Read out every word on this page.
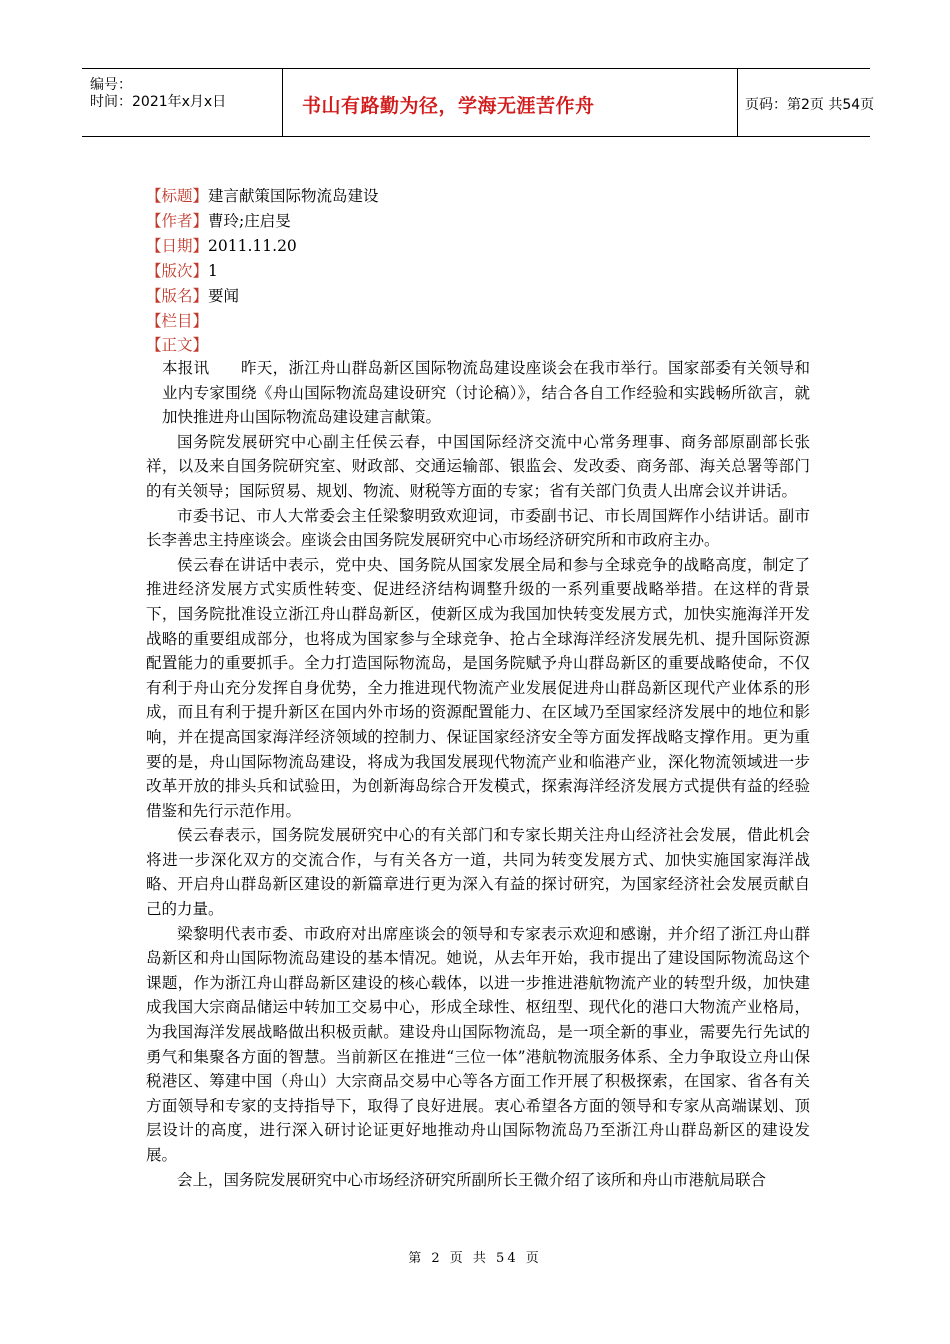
编号：
时间：2021年x月x日	书山有路勤为径，学海无涯苦作舟	页码：第2页 共54页
【标题】建言献策国际物流岛建设
【作者】曹玲;庄启旻
【日期】2011.11.20
【版次】1
【版名】要闻
【栏目】
【正文】

本报讯　　昨天，浙江舟山群岛新区国际物流岛建设座谈会在我市举行。国家部委有关领导和业内专家围绕《舟山国际物流岛建设研究（讨论稿）》，结合各自工作经验和实践畅所欲言，就加快推进舟山国际物流岛建设建言献策。

国务院发展研究中心副主任侯云春，中国国际经济交流中心常务理事、商务部原副部长张祥，以及来自国务院研究室、财政部、交通运输部、银监会、发改委、商务部、海关总署等部门的有关领导；国际贸易、规划、物流、财税等方面的专家；省有关部门负责人出席会议并讲话。

市委书记、市人大常委会主任梁黎明致欢迎词，市委副书记、市长周国辉作小结讲话。副市长李善忠主持座谈会。座谈会由国务院发展研究中心市场经济研究所和市政府主办。

侯云春在讲话中表示，党中央、国务院从国家发展全局和参与全球竞争的战略高度，制定了推进经济发展方式实质性转变、促进经济结构调整升级的一系列重要战略举措。在这样的背景下，国务院批准设立浙江舟山群岛新区，使新区成为我国加快转变发展方式，加快实施海洋开发战略的重要组成部分，也将成为国家参与全球竞争、抢占全球海洋经济发展先机、提升国际资源配置能力的重要抓手。全力打造国际物流岛，是国务院赋予舟山群岛新区的重要战略使命，不仅有利于舟山充分发挥自身优势，全力推进现代物流产业发展促进舟山群岛新区现代产业体系的形成，而且有利于提升新区在国内外市场的资源配置能力、在区域乃至国家经济发展中的地位和影响，并在提高国家海洋经济领域的控制力、保证国家经济安全等方面发挥战略支撑作用。更为重要的是，舟山国际物流岛建设，将成为我国发展现代物流产业和临港产业，深化物流领域进一步改革开放的排头兵和试验田，为创新海岛综合开发模式，探索海洋经济发展方式提供有益的经验借鉴和先行示范作用。

侯云春表示，国务院发展研究中心的有关部门和专家长期关注舟山经济社会发展，借此机会将进一步深化双方的交流合作，与有关各方一道，共同为转变发展方式、加快实施国家海洋战略、开启舟山群岛新区建设的新篇章进行更为深入有益的探讨研究，为国家经济社会发展贡献自己的力量。

梁黎明代表市委、市政府对出席座谈会的领导和专家表示欢迎和感谢，并介绍了浙江舟山群岛新区和舟山国际物流岛建设的基本情况。她说，从去年开始，我市提出了建设国际物流岛这个课题，作为浙江舟山群岛新区建设的核心载体，以进一步推进港航物流产业的转型升级，加快建成我国大宗商品储运中转加工交易中心，形成全球性、枢纽型、现代化的港口大物流产业格局，为我国海洋发展战略做出积极贡献。建设舟山国际物流岛，是一项全新的事业，需要先行先试的勇气和集聚各方面的智慧。当前新区在推进“三位一体”港航物流服务体系、全力争取设立舟山保税港区、筹建中国（舟山）大宗商品交易中心等各方面工作开展了积极探索，在国家、省各有关方面领导和专家的支持指导下，取得了良好进展。衷心希望各方面的领导和专家从高端谋划、顶层设计的高度，进行深入研讨论证更好地推动舟山国际物流岛乃至浙江舟山群岛新区的建设发展。

会上，国务院发展研究中心市场经济研究所副所长王微介绍了该所和舟山市港航局联合

第 2 页 共 54 页
